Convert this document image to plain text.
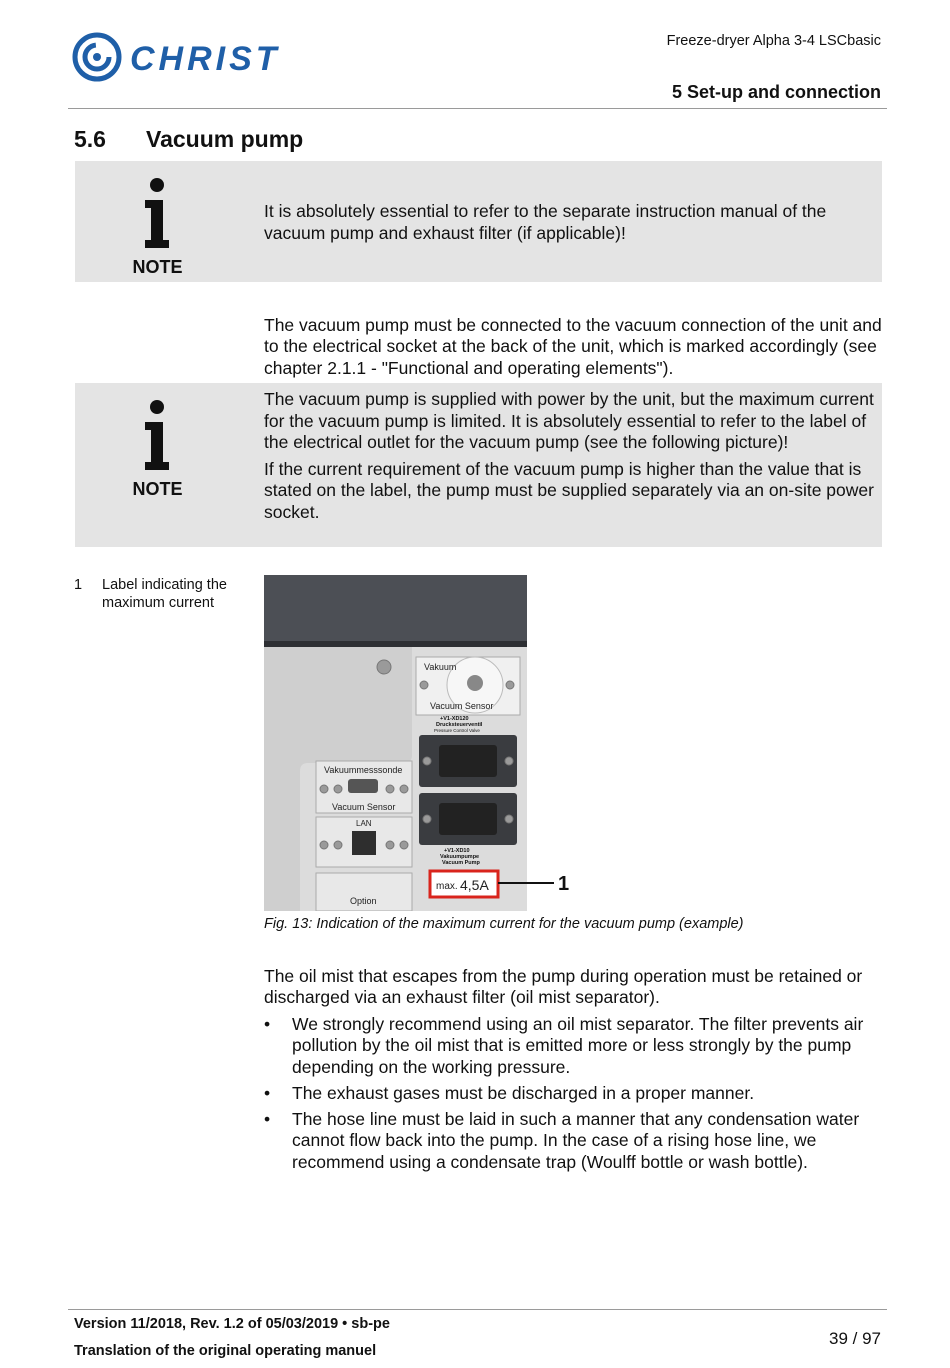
CHRIST	Freeze-dryer Alpha 3-4 LSCbasic
5 Set-up and connection
5.6 Vacuum pump
NOTE

It is absolutely essential to refer to the separate instruction manual of the vacuum pump and exhaust filter (if applicable)!

The vacuum pump must be connected to the vacuum connection of the unit and to the electrical socket at the back of the unit, which is marked accordingly (see chapter 2.1.1 - "Functional and operating elements").

NOTE

The vacuum pump is supplied with power by the unit, but the maximum current for the vacuum pump is limited. It is absolutely essential to refer to the label of the electrical outlet for the vacuum pump (see the following picture)!

If the current requirement of the vacuum pump is higher than the value that is stated on the label, the pump must be supplied separately via an on-site power socket.

1 Label indicating the maximum current
Vakuum
Vacuum Sensor
+V1-XD120
Drucksteuerventil
Pressure Control Valve
+V1-XD10
Vakuumpumpe
Vacuum Pump
max. 4,5A	1
Vakuummesssonde
Vacuum Sensor
LAN
Option
Fig. 13: Indication of the maximum current for the vacuum pump (example)

The oil mist that escapes from the pump during operation must be retained or discharged via an exhaust filter (oil mist separator).

• We strongly recommend using an oil mist separator. The filter prevents air pollution by the oil mist that is emitted more or less strongly by the pump depending on the working pressure.
• The exhaust gases must be discharged in a proper manner.
• The hose line must be laid in such a manner that any condensation water cannot flow back into the pump. In the case of a rising hose line, we recommend using a condensate trap (Woulff bottle or wash bottle).
Version 11/2018, Rev. 1.2 of 05/03/2019 • sb-pe
Translation of the original operating manuel
39 / 97
